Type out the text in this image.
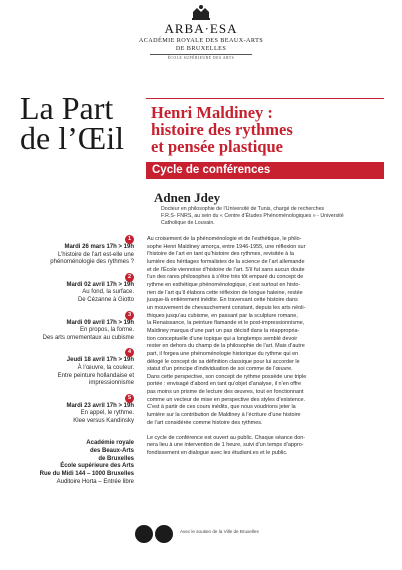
ARBA·ESA
ACADÉMIE ROYALE DES BEAUX-ARTS
DE BRUXELLES
ÉCOLE SUPÉRIEURE DES ARTS
La Part
de l’Œil
Henri Maldiney :
histoire des rythmes
et pensée plastique
Cycle de conférences
Adnen Jdey
Docteur en philosophie de l’Université de Tunis, chargé de recherches
F.R.S- FNRS, au sein du « Centre d’Études Phénoménologiques » - Université
Catholique de Louvain.
Au croisement de la phénoménologie et de l’esthétique, le philo-
sophe Henri Maldiney amorça, entre 1946-1955, une réflexion sur
l’histoire de l’art en tant qu’histoire des rythmes, revisitée à la
lumière des héritages formalistes de la science de l’art allemande
et de l’École viennoise d’histoire de l’art. S’il fut sans aucun doute
l’un des rares philosophes à s’être très tôt emparé du concept de
rythme en esthétique phénoménologique, c’est surtout en histo-
rien de l’art qu’il élabora cette réflexion de longue haleine, restée
jusque-là entièrement inédite. En traversant cette histoire dans
un mouvement de chevauchement constant, depuis les arts néoli-
thiques jusqu’au cubisme, en passant par la sculpture romane,
la Renaissance, la peinture flamande et le post-impressionnisme,
Maldiney marqua d’une part un pas décisif dans la réappropria-
tion conceptuelle d’une topique qui a longtemps semblé devoir
rester en dehors du champ de la philosophie de l’art. Mais d’autre
part, il forgea une phénoménologie historique du rythme qui en
délogé le concept de sa définition classique pour lui accorder le
statut d’un principe d’individuation de soi comme de l’œuvre.
Dans cette perspective, son concept de rythme possède une triple
portée : envisagé d’abord en tant qu’objet d’analyse, il n’en offre
pas moins un prisme de lecture des œuvres, tout en fonctionnant
comme un vecteur de mise en perspective des styles d’existence.
C’est à partir de ces cours inédits, que nous voudrions jeter la
lumière sur la contribution de Maldiney à l’écriture d’une histoire
de l’art considérée comme histoire des rythmes.
Le cycle de conférence est ouvert au public. Chaque séance don-
nera lieu à une intervention de 1 heure, suivi d’un temps d’appro-
fondissement en dialogue avec les étudiant.es et le public.
1
Mardi 26 mars 17h > 19h
L’histoire de l’art est-elle une
phénoménologie des rythmes ?
2
Mardi 02 avril 17h > 19h
Au fond, la surface.
De Cézanne à Giotto
3
Mardi 09 avril 17h > 19h
En propos, la forme.
Des arts ornementaux au cubisme
4
Jeudi 18 avril 17h > 19h
À l’œuvre, la couleur.
Entre peinture hollandaise et
impressionnisme
5
Mardi 23 avril 17h > 19h
En appel, le rythme.
Klee versus Kandinsky
Académie royale
des Beaux-Arts
de Bruxelles
École supérieure des Arts
Rue du Midi 144 – 1000 Bruxelles
Auditoire Horta – Entrée libre
Avec le soutien de la Ville de Bruxelles
